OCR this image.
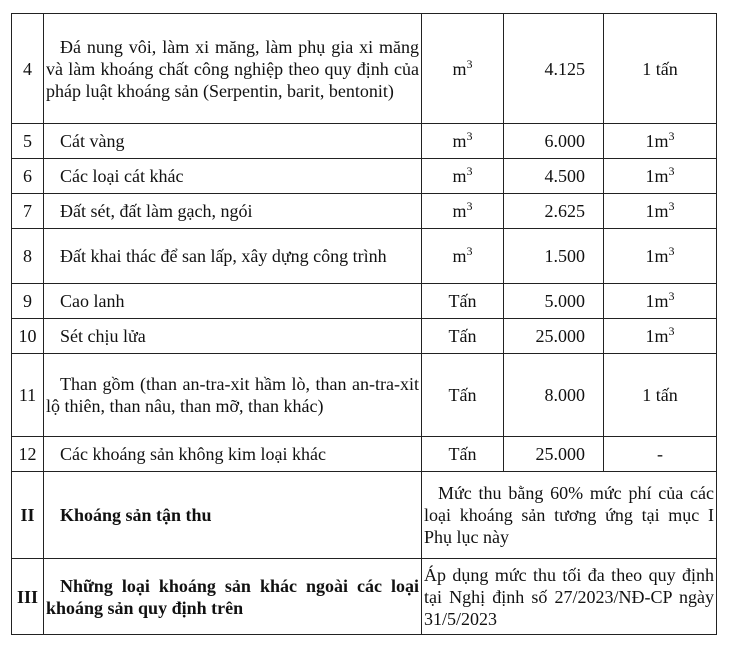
4	Đá nung vôi, làm xi măng, làm phụ gia xi măng và làm khoáng chất công nghiệp theo quy định của pháp luật khoáng sản (Serpentin, barit, bentonit)	$m^3$	4.125	1 tấn
5	Cát vàng	$m^3$	6.000	$1m^3$
6	Các loại cát khác	$m^3$	4.500	$1m^3$
7	Đất sét, đất làm gạch, ngói	$m^3$	2.625	$1m^3$
8	Đất khai thác để san lấp, xây dựng công trình	$m^3$	1.500	$1m^3$
9	Cao lanh	Tấn	5.000	$1m^3$
10	Sét chịu lửa	Tấn	25.000	$1m^3$
11	Than gồm (than an-tra-xit hầm lò, than an-tra-xit lộ thiên, than nâu, than mỡ, than khác)	Tấn	8.000	1 tấn
12	Các khoáng sản không kim loại khác	Tấn	25.000	-
II	Khoáng sản tận thu	Mức thu bằng 60% mức phí của các loại khoáng sản tương ứng tại mục I Phụ lục này		
III	Những loại khoáng sản khác ngoài các loại khoáng sản quy định trên	Áp dụng mức thu tối đa theo quy định tại Nghị định số 27/2023/NĐ-CP ngày 31/5/2023		
